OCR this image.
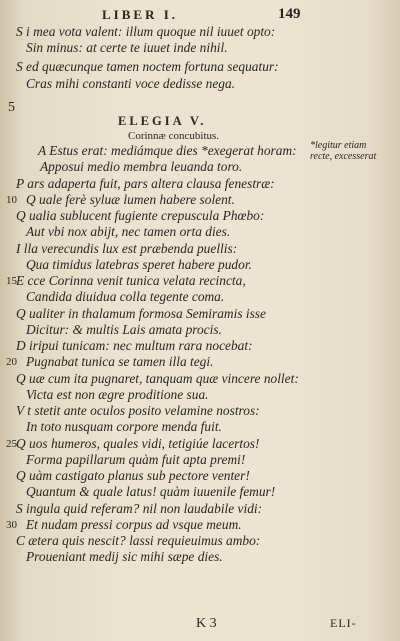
LIBER I.	149
S i mea vota valent: illum quoque nil iuuet opto:
Sin minus: at certe te iuuet inde nihil.
S ed quæcunque tamen noctem fortuna sequatur:
Cras mihi constanti voce dedisse nega.
5
ELEGIA V.
Corinnæ concubitus.
*legitur etiam
recte, excesserat
A Estus erat: mediámque dies *exegerat horam:
Apposui medio membra leuanda toro.
P ars adaperta fuit, pars altera clausa fenestræ:
Q uale ferè syluæ lumen habere solent.
10
Q ualia sublucent fugiente crepuscula Phœbo:
Aut vbi nox abijt, nec tamen orta dies.
I lla verecundis lux est præbenda puellis:
Qua timidus latebras speret habere pudor.
E cce Corinna venit tunica velata recincta,
15
Candida diuidua colla tegente coma.
Q ualiter in thalamum formosa Semiramis isse
Dicitur: & multis Lais amata procis.
D iripui tunicam: nec multum rara nocebat:
Pugnabat tunica se tamen illa tegi.
20
Q uæ cum ita pugnaret, tanquam quæ vincere nollet:
Victa est non ægre proditione sua.
V t stetit ante oculos posito velamine nostros:
In toto nusquam corpore menda fuit.
Q uos humeros, quales vidi, tetigiúe lacertos!
25
Forma papillarum quàm fuit apta premi!
Q uàm castigato planus sub pectore venter!
Quantum & quale latus! quàm iuuenile femur!
S ingula quid referam? nil non laudabile vidi:
Et nudam pressi corpus ad vsque meum.
30
C ætera quis nescit? lassi requieuimus ambo:
Proueniant medij sic mihi sæpe dies.
K 3	ELI-
